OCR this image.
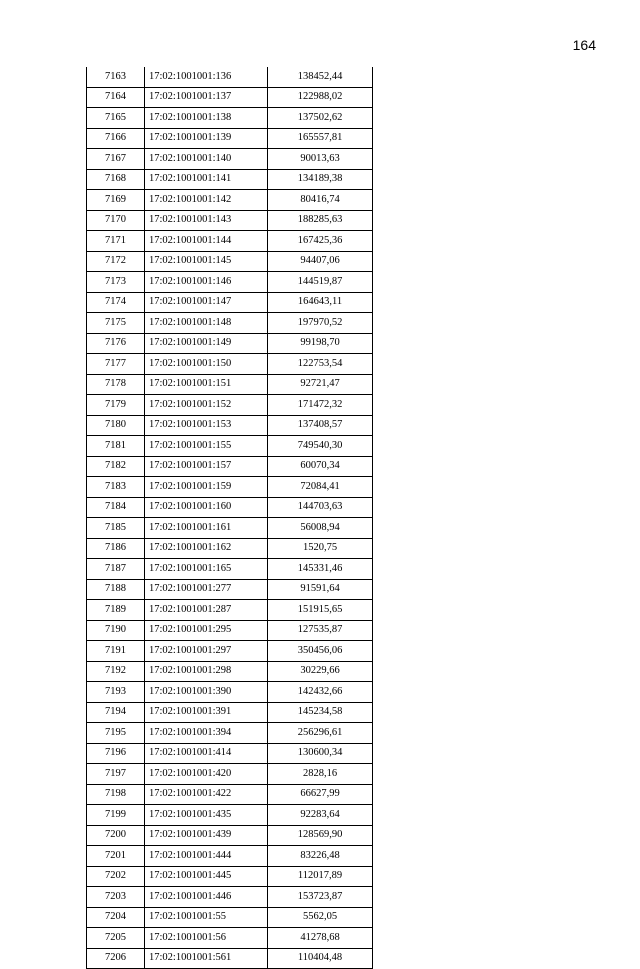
164
7163	17:02:1001001:136	138452,44
7164	17:02:1001001:137	122988,02
7165	17:02:1001001:138	137502,62
7166	17:02:1001001:139	165557,81
7167	17:02:1001001:140	90013,63
7168	17:02:1001001:141	134189,38
7169	17:02:1001001:142	80416,74
7170	17:02:1001001:143	188285,63
7171	17:02:1001001:144	167425,36
7172	17:02:1001001:145	94407,06
7173	17:02:1001001:146	144519,87
7174	17:02:1001001:147	164643,11
7175	17:02:1001001:148	197970,52
7176	17:02:1001001:149	99198,70
7177	17:02:1001001:150	122753,54
7178	17:02:1001001:151	92721,47
7179	17:02:1001001:152	171472,32
7180	17:02:1001001:153	137408,57
7181	17:02:1001001:155	749540,30
7182	17:02:1001001:157	60070,34
7183	17:02:1001001:159	72084,41
7184	17:02:1001001:160	144703,63
7185	17:02:1001001:161	56008,94
7186	17:02:1001001:162	1520,75
7187	17:02:1001001:165	145331,46
7188	17:02:1001001:277	91591,64
7189	17:02:1001001:287	151915,65
7190	17:02:1001001:295	127535,87
7191	17:02:1001001:297	350456,06
7192	17:02:1001001:298	30229,66
7193	17:02:1001001:390	142432,66
7194	17:02:1001001:391	145234,58
7195	17:02:1001001:394	256296,61
7196	17:02:1001001:414	130600,34
7197	17:02:1001001:420	2828,16
7198	17:02:1001001:422	66627,99
7199	17:02:1001001:435	92283,64
7200	17:02:1001001:439	128569,90
7201	17:02:1001001:444	83226,48
7202	17:02:1001001:445	112017,89
7203	17:02:1001001:446	153723,87
7204	17:02:1001001:55	5562,05
7205	17:02:1001001:56	41278,68
7206	17:02:1001001:561	110404,48
